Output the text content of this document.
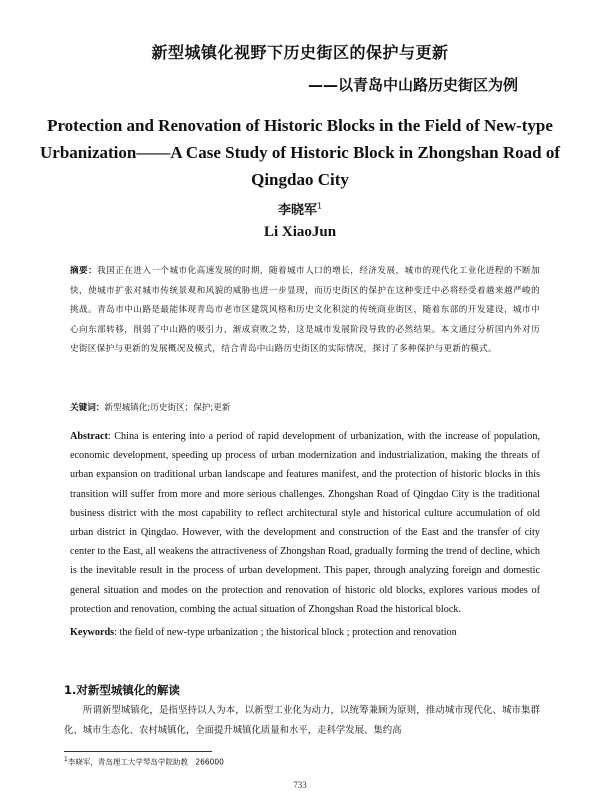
新型城镇化视野下历史街区的保护与更新
——以青岛中山路历史街区为例
Protection and Renovation of Historic Blocks in the Field of New-type Urbanization——A Case Study of Historic Block in Zhongshan Road of Qingdao City
李晓军$^1$
Li XiaoJun
摘要：我国正在进入一个城市化高速发展的时期，随着城市人口的增长，经济发展，城市的现代化工业化进程的不断加快，使城市扩张对城市传统景观和风貌的威胁也进一步显现，而历史街区的保护在这种变迁中必将经受着越来越严峻的挑战。青岛市中山路是最能体现青岛市老市区建筑风格和历史文化积淀的传统商业街区，随着东部的开发建设，城市中心向东部转移，削弱了中山路的吸引力，渐成衰败之势，这是城市发展阶段导致的必然结果。本文通过分析国内外对历史街区保护与更新的发展概况及模式，结合青岛中山路历史街区的实际情况，探讨了多种保护与更新的模式。
关键词：新型城镇化;历史街区；保护;更新
Abstract: China is entering into a period of rapid development of urbanization, with the increase of population, economic development, speeding up process of urban modernization and industrialization, making the threats of urban expansion on traditional urban landscape and features manifest, and the protection of historic blocks in this transition will suffer from more and more serious challenges. Zhongshan Road of Qingdao City is the traditional business district with the most capability to reflect architectural style and historical culture accumulation of old urban district in Qingdao. However, with the development and construction of the East and the transfer of city center to the East, all weakens the attractiveness of Zhongshan Road, gradually forming the trend of decline, which is the inevitable result in the process of urban development. This paper, through analyzing foreign and domestic general situation and modes on the protection and renovation of historic old blocks, explores various modes of protection and renovation, combing the actual situation of Zhongshan Road the historical block.
Keywords: the field of new-type urbanization ; the historical block ; protection and renovation
1.对新型城镇化的解读
所谓新型城镇化，是指坚持以人为本，以新型工业化为动力，以统筹兼顾为原则，推动城市现代化、城市集群化、城市生态化、农村城镇化，全面提升城镇化质量和水平，走科学发展、集约高
$^1$李晓军，青岛理工大学琴岛学院助教　266000
733
